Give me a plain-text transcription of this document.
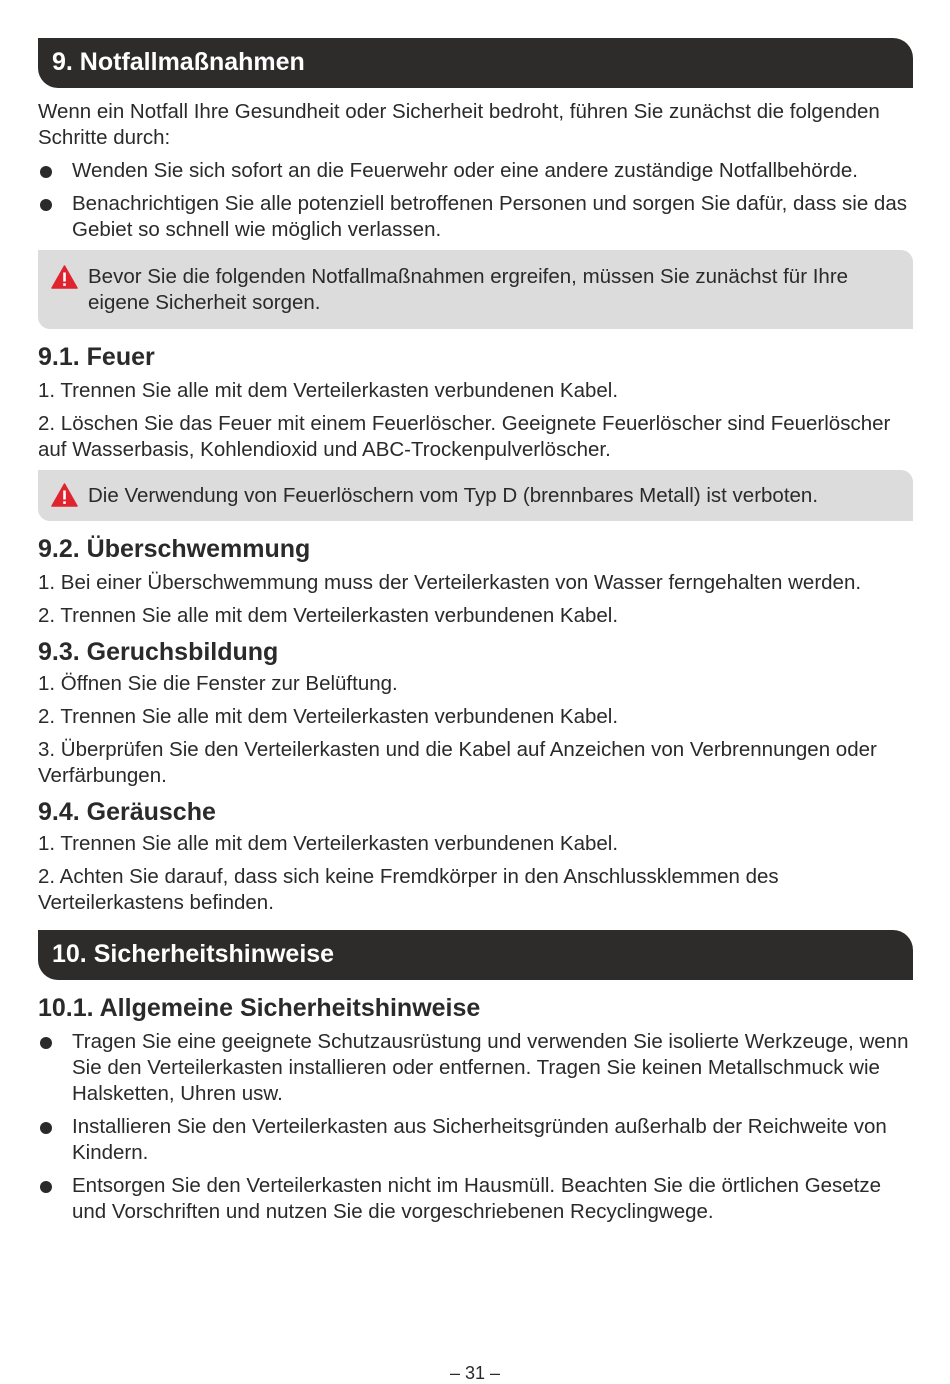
9. Notfallmaßnahmen

Wenn ein Notfall Ihre Gesundheit oder Sicherheit bedroht, führen Sie zunächst die folgenden Schritte durch:

Wenden Sie sich sofort an die Feuerwehr oder eine andere zuständige Notfallbehörde.
Benachrichtigen Sie alle potenziell betroffenen Personen und sorgen Sie dafür, dass sie das Gebiet so schnell wie möglich verlassen.
Bevor Sie die folgenden Notfallmaßnahmen ergreifen, müssen Sie zunächst für Ihre eigene Sicherheit sorgen.
9.1. Feuer

1. Trennen Sie alle mit dem Verteilerkasten verbundenen Kabel.

2. Löschen Sie das Feuer mit einem Feuerlöscher. Geeignete Feuerlöscher sind Feuerlöscher auf Wasserbasis, Kohlendioxid und ABC-Trockenpulverlöscher.

Die Verwendung von Feuerlöschern vom Typ D (brennbares Metall) ist verboten.
9.2. Überschwemmung

1. Bei einer Überschwemmung muss der Verteilerkasten von Wasser ferngehalten werden.

2. Trennen Sie alle mit dem Verteilerkasten verbundenen Kabel.

9.3. Geruchsbildung

1. Öffnen Sie die Fenster zur Belüftung.

2. Trennen Sie alle mit dem Verteilerkasten verbundenen Kabel.

3. Überprüfen Sie den Verteilerkasten und die Kabel auf Anzeichen von Verbrennungen oder Verfärbungen.

9.4. Geräusche

1. Trennen Sie alle mit dem Verteilerkasten verbundenen Kabel.

2. Achten Sie darauf, dass sich keine Fremdkörper in den Anschlussklemmen des Verteilerkastens befinden.

10. Sicherheitshinweise
10.1. Allgemeine Sicherheitshinweise
Tragen Sie eine geeignete Schutzausrüstung und verwenden Sie isolierte Werkzeuge, wenn Sie den Verteilerkasten installieren oder entfernen. Tragen Sie keinen Metallschmuck wie Halsketten, Uhren usw.
Installieren Sie den Verteilerkasten aus Sicherheitsgründen außerhalb der Reichweite von Kindern.
Entsorgen Sie den Verteilerkasten nicht im Hausmüll. Beachten Sie die örtlichen Gesetze und Vorschriften und nutzen Sie die vorgeschriebenen Recyclingwege.
– 31 –
